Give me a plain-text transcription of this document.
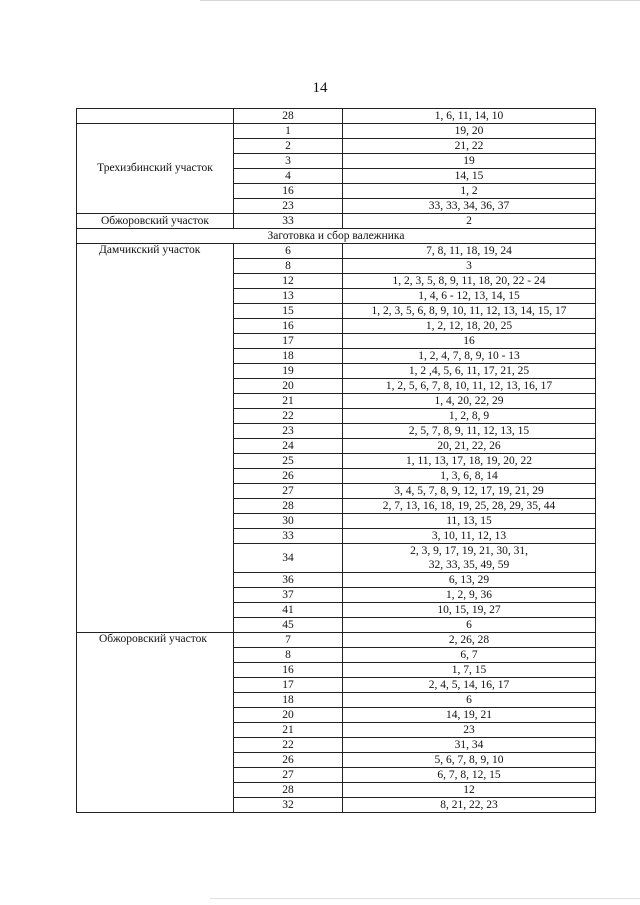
14
	28	1, 6, 11, 14, 10
Трехизбинский участок	1	19, 20
	2	21, 22
	3	19
	4	14, 15
	16	1, 2
	23	33, 33, 34, 36, 37
Обжоровский участок	33	2
Заготовка и сбор валежника		
Дамчикский участок	6	7, 8, 11, 18, 19, 24
	8	3
	12	1, 2, 3, 5, 8, 9, 11, 18, 20, 22 - 24
	13	1, 4, 6 - 12, 13, 14, 15
	15	1, 2, 3, 5, 6, 8, 9, 10, 11, 12, 13, 14, 15, 17
	16	1, 2, 12, 18, 20, 25
	17	16
	18	1, 2, 4, 7, 8, 9, 10 - 13
	19	1, 2 ,4, 5, 6, 11, 17, 21, 25
	20	1, 2, 5, 6, 7, 8, 10, 11, 12, 13, 16, 17
	21	1, 4, 20, 22, 29
	22	1, 2, 8, 9
	23	2, 5, 7, 8, 9, 11, 12, 13, 15
	24	20, 21, 22, 26
	25	1, 11, 13, 17, 18, 19, 20, 22
	26	1, 3, 6, 8, 14
	27	3, 4, 5, 7, 8, 9, 12, 17, 19, 21, 29
	28	2, 7, 13, 16, 18, 19, 25, 28, 29, 35, 44
	30	11, 13, 15
	33	3, 10, 11, 12, 13
	34	2, 3, 9, 17, 19, 21, 30, 31,
32, 33, 35, 49, 59
	36	6, 13, 29
	37	1, 2, 9, 36
	41	10, 15, 19, 27
	45	6
Обжоровский участок	7	2, 26, 28
	8	6, 7
	16	1, 7, 15
	17	2, 4, 5, 14, 16, 17
	18	6
	20	14, 19, 21
	21	23
	22	31, 34
	26	5, 6, 7, 8, 9, 10
	27	6, 7, 8, 12, 15
	28	12
	32	8, 21, 22, 23
